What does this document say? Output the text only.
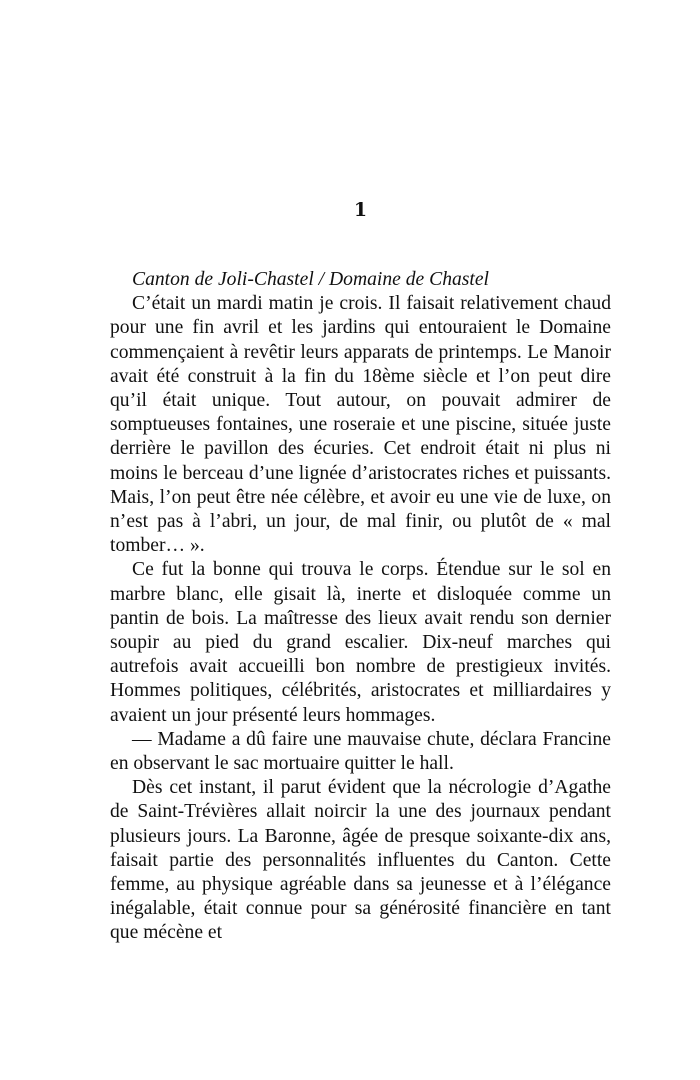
1

Canton de Joli-Chastel / Domaine de Chastel

C’était un mardi matin je crois. Il faisait relativement chaud pour une fin avril et les jardins qui entouraient le Domaine commençaient à revêtir leurs apparats de printemps. Le Manoir avait été construit à la fin du 18ème siècle et l’on peut dire qu’il était unique. Tout autour, on pouvait admirer de somptueuses fontaines, une roseraie et une piscine, située juste derrière le pavillon des écuries. Cet endroit était ni plus ni moins le berceau d’une lignée d’aristocrates riches et puissants. Mais, l’on peut être née célèbre, et avoir eu une vie de luxe, on n’est pas à l’abri, un jour, de mal finir, ou plutôt de « mal tomber… ».

Ce fut la bonne qui trouva le corps. Étendue sur le sol en marbre blanc, elle gisait là, inerte et disloquée comme un pantin de bois. La maîtresse des lieux avait rendu son dernier soupir au pied du grand escalier. Dix-neuf marches qui autrefois avait accueilli bon nombre de prestigieux invités. Hommes politiques, célébrités, aristocrates et milliardaires y avaient un jour présenté leurs hommages.

— Madame a dû faire une mauvaise chute, déclara Francine en observant le sac mortuaire quitter le hall.

Dès cet instant, il parut évident que la nécrologie d’Agathe de Saint-Trévières allait noircir la une des journaux pendant plusieurs jours. La Baronne, âgée de presque soixante-dix ans, faisait partie des personnalités influentes du Canton. Cette femme, au physique agréable dans sa jeunesse et à l’élégance inégalable, était connue pour sa générosité financière en tant que mécène et
